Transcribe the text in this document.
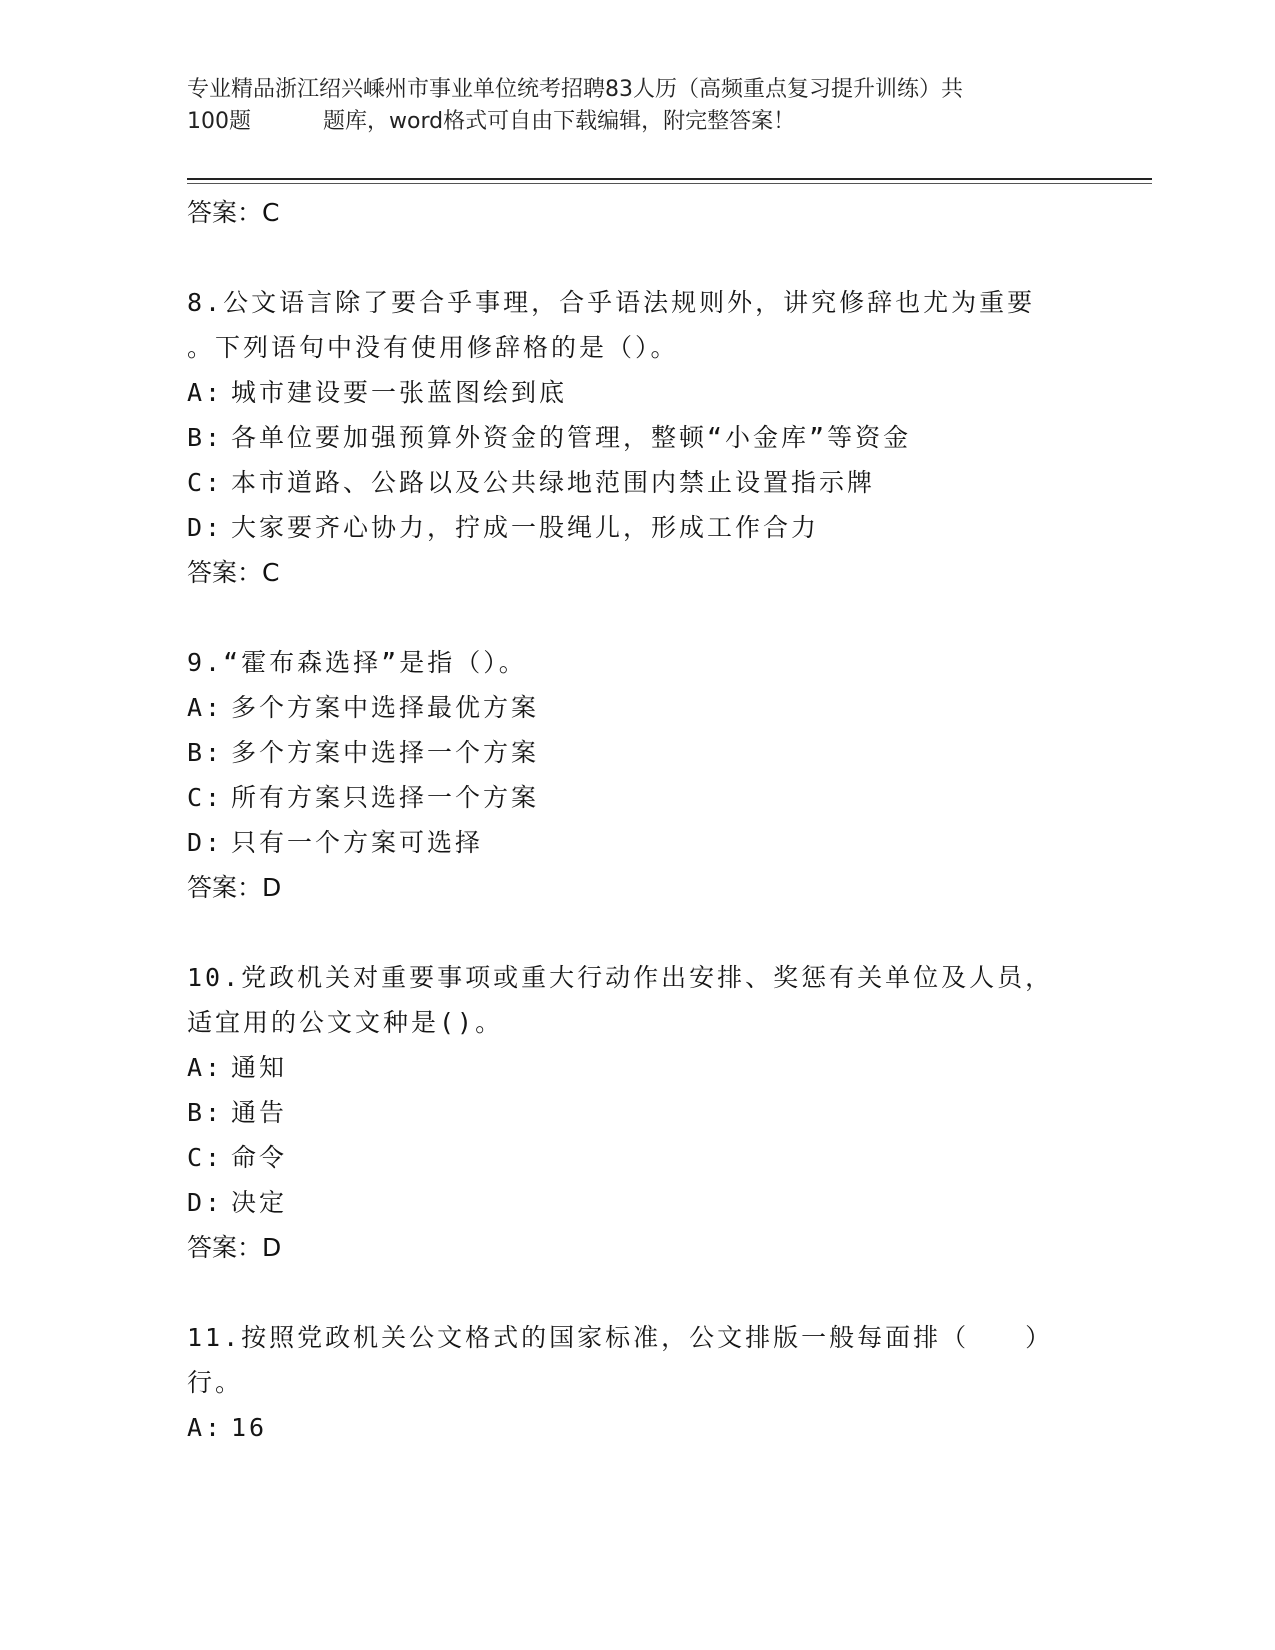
专业精品浙江绍兴嵊州市事业单位统考招聘83人历（高频重点复习提升训练）共
100题	题库，word格式可自由下载编辑，附完整答案！
答案： C
8.公文语言除了要合乎事理，合乎语法规则外，讲究修辞也尤为重要
。下列语句中没有使用修辞格的是（）。
A: 城市建设要一张蓝图绘到底
B: 各单位要加强预算外资金的管理，整顿“小金库”等资金
C: 本市道路、公路以及公共绿地范围内禁止设置指示牌
D: 大家要齐心协力，拧成一股绳儿，形成工作合力
答案： C
9.“霍布森选择”是指（）。
A: 多个方案中选择最优方案
B: 多个方案中选择一个方案
C: 所有方案只选择一个方案
D: 只有一个方案可选择
答案： D
10.党政机关对重要事项或重大行动作出安排、奖惩有关单位及人员，
适宜用的公文文种是()。
A: 通知
B: 通告
C: 命令
D: 决定
答案： D
11.按照党政机关公文格式的国家标准，公文排版一般每面排（　　）
行。
A: 16
